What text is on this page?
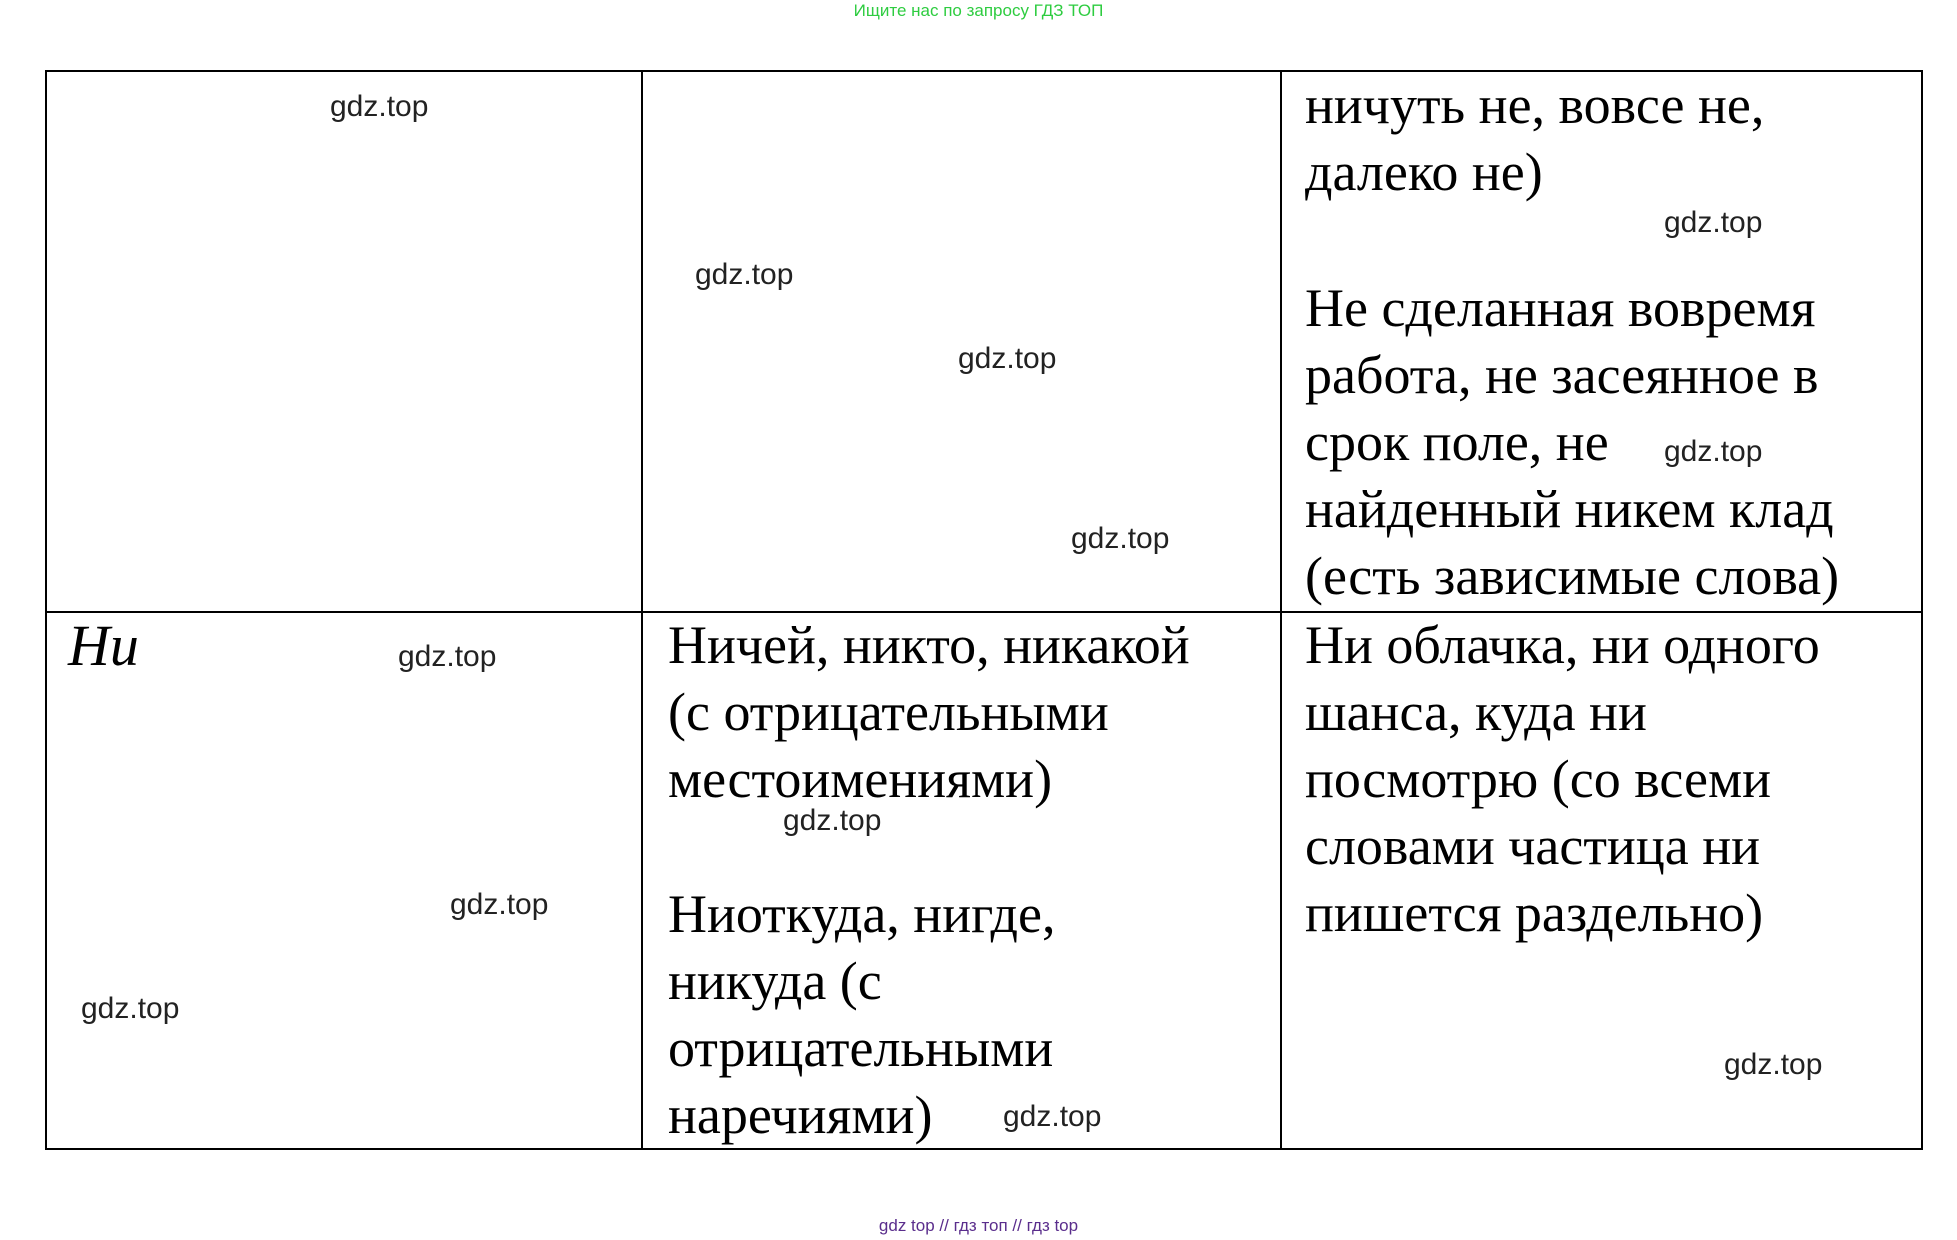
Ищите нас по запросу ГДЗ ТОП
ничуть не, вовсе не,
далеко не)
Не сделанная вовремя
работа, не засеянное в
срок поле, не
найденный никем клад
(есть зависимые слова)
Ни	Ничей, никто, никакой
(с отрицательными
местоимениями)
Ниоткуда, нигде,
никуда (с
отрицательными
наречиями)
Ни облачка, ни одного
шанса, куда ни
посмотрю (со всеми
словами частица ни
пишется раздельно)
gdz.top
gdz.top
gdz.top
gdz.top
gdz.top
gdz.top
gdz.top
gdz.top
gdz.top
gdz.top
gdz.top
gdz.top
gdz top // гдз топ // гдз top
